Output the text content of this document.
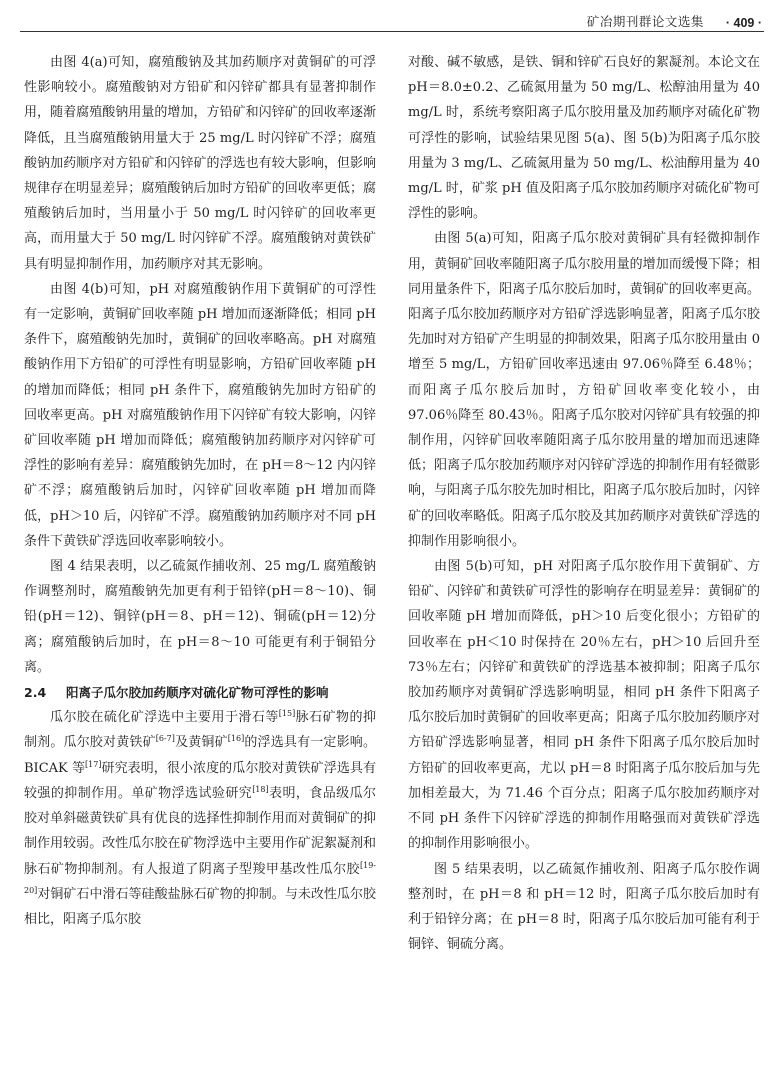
矿冶期刊群论文选集 · 409 ·

由图 4(a)可知，腐殖酸钠及其加药顺序对黄铜矿的可浮性影响较小。腐殖酸钠对方铅矿和闪锌矿都具有显著抑制作用，随着腐殖酸钠用量的增加，方铅矿和闪锌矿的回收率逐渐降低，且当腐殖酸钠用量大于 25 mg/L 时闪锌矿不浮；腐殖酸钠加药顺序对方铅矿和闪锌矿的浮选也有较大影响，但影响规律存在明显差异；腐殖酸钠后加时方铅矿的回收率更低；腐殖酸钠后加时，当用量小于 50 mg/L 时闪锌矿的回收率更高，而用量大于 50 mg/L 时闪锌矿不浮。腐殖酸钠对黄铁矿具有明显抑制作用，加药顺序对其无影响。

由图 4(b)可知，pH 对腐殖酸钠作用下黄铜矿的可浮性有一定影响，黄铜矿回收率随 pH 增加而逐渐降低；相同 pH 条件下，腐殖酸钠先加时，黄铜矿的回收率略高。pH 对腐殖酸钠作用下方铅矿的可浮性有明显影响，方铅矿回收率随 pH 的增加而降低；相同 pH 条件下，腐殖酸钠先加时方铅矿的回收率更高。pH 对腐殖酸钠作用下闪锌矿有较大影响，闪锌矿回收率随 pH 增加而降低；腐殖酸钠加药顺序对闪锌矿可浮性的影响有差异：腐殖酸钠先加时，在 pH＝8～12 内闪锌矿不浮；腐殖酸钠后加时，闪锌矿回收率随 pH 增加而降低，pH＞10 后，闪锌矿不浮。腐殖酸钠加药顺序对不同 pH 条件下黄铁矿浮选回收率影响较小。

图 4 结果表明，以乙硫氮作捕收剂、25 mg/L 腐殖酸钠作调整剂时，腐殖酸钠先加更有利于铅锌(pH＝8～10)、铜铅(pH＝12)、铜锌(pH＝8、pH＝12)、铜硫(pH＝12)分离；腐殖酸钠后加时，在 pH＝8～10 可能更有利于铜铅分离。

2.4	阳离子瓜尔胶加药顺序对硫化矿物可浮性的影响

瓜尔胶在硫化矿浮选中主要用于滑石等[15]脉石矿物的抑制剂。瓜尔胶对黄铁矿[6-7]及黄铜矿[16]的浮选具有一定影响。BICAK 等[17]研究表明，很小浓度的瓜尔胶对黄铁矿浮选具有较强的抑制作用。单矿物浮选试验研究[18]表明，食品级瓜尔胶对单斜磁黄铁矿具有优良的选择性抑制作用而对黄铜矿的抑制作用较弱。改性瓜尔胶在矿物浮选中主要用作矿泥絮凝剂和脉石矿物抑制剂。有人报道了阴离子型羧甲基改性瓜尔胶[19-20]对铜矿石中滑石等硅酸盐脉石矿物的抑制。与未改性瓜尔胶相比，阳离子瓜尔胶

对酸、碱不敏感，是铁、铜和锌矿石良好的絮凝剂。本论文在 pH＝8.0±0.2、乙硫氮用量为 50 mg/L、松醇油用量为 40 mg/L 时，系统考察阳离子瓜尔胶用量及加药顺序对硫化矿物可浮性的影响，试验结果见图 5(a)、图 5(b)为阳离子瓜尔胶用量为 3 mg/L、乙硫氮用量为 50 mg/L、松油醇用量为 40 mg/L 时，矿浆 pH 值及阳离子瓜尔胶加药顺序对硫化矿物可浮性的影响。

由图 5(a)可知，阳离子瓜尔胶对黄铜矿具有轻微抑制作用，黄铜矿回收率随阳离子瓜尔胶用量的增加而缓慢下降；相同用量条件下，阳离子瓜尔胶后加时，黄铜矿的回收率更高。阳离子瓜尔胶加药顺序对方铅矿浮选影响显著，阳离子瓜尔胶先加时对方铅矿产生明显的抑制效果，阳离子瓜尔胶用量由 0 增至 5 mg/L，方铅矿回收率迅速由 97.06％降至 6.48％；而阳离子瓜尔胶后加时，方铅矿回收率变化较小，由 97.06％降至 80.43％。阳离子瓜尔胶对闪锌矿具有较强的抑制作用，闪锌矿回收率随阳离子瓜尔胶用量的增加而迅速降低；阳离子瓜尔胶加药顺序对闪锌矿浮选的抑制作用有轻微影响，与阳离子瓜尔胶先加时相比，阳离子瓜尔胶后加时，闪锌矿的回收率略低。阳离子瓜尔胶及其加药顺序对黄铁矿浮选的抑制作用影响很小。

由图 5(b)可知，pH 对阳离子瓜尔胶作用下黄铜矿、方铅矿、闪锌矿和黄铁矿可浮性的影响存在明显差异：黄铜矿的回收率随 pH 增加而降低，pH＞10 后变化很小；方铅矿的回收率在 pH＜10 时保持在 20％左右，pH＞10 后回升至 73％左右；闪锌矿和黄铁矿的浮选基本被抑制；阳离子瓜尔胶加药顺序对黄铜矿浮选影响明显，相同 pH 条件下阳离子瓜尔胶后加时黄铜矿的回收率更高；阳离子瓜尔胶加药顺序对方铅矿浮选影响显著，相同 pH 条件下阳离子瓜尔胶后加时方铅矿的回收率更高，尤以 pH＝8 时阳离子瓜尔胶后加与先加相差最大，为 71.46 个百分点；阳离子瓜尔胶加药顺序对不同 pH 条件下闪锌矿浮选的抑制作用略强而对黄铁矿浮选的抑制作用影响很小。

图 5 结果表明，以乙硫氮作捕收剂、阳离子瓜尔胶作调整剂时，在 pH＝8 和 pH＝12 时，阳离子瓜尔胶后加时有利于铅锌分离；在 pH＝8 时，阳离子瓜尔胶后加可能有利于铜锌、铜硫分离。
